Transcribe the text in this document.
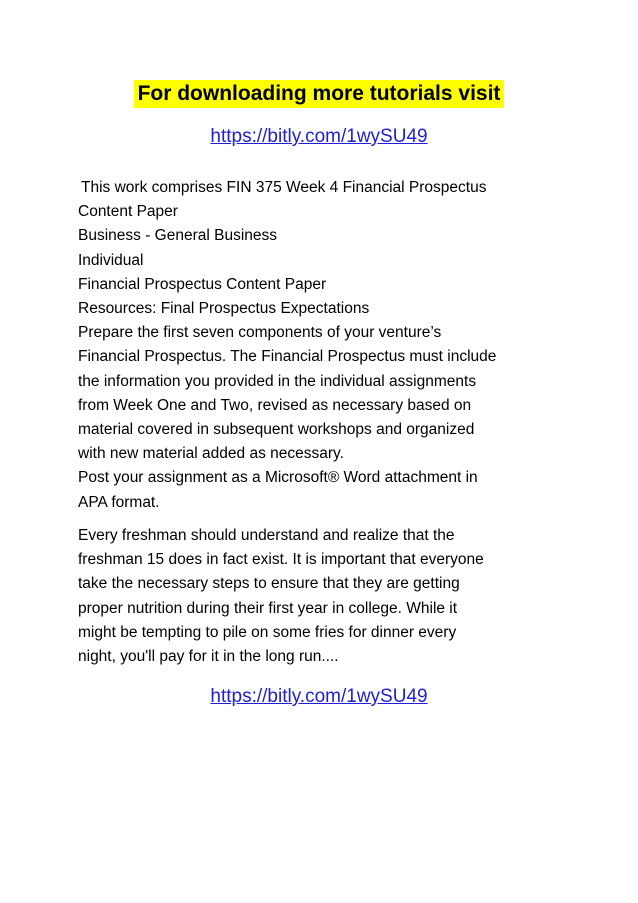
For downloading more tutorials visit
https://bitly.com/1wySU49
This work comprises FIN 375 Week 4 Financial Prospectus
Content Paper
Business - General Business
Individual
Financial Prospectus Content Paper
Resources: Final Prospectus Expectations
Prepare the first seven components of your venture’s
Financial Prospectus. The Financial Prospectus must include
the information you provided in the individual assignments
from Week One and Two, revised as necessary based on
material covered in subsequent workshops and organized
with new material added as necessary.
Post your assignment as a Microsoft® Word attachment in
APA format.
Every freshman should understand and realize that the
freshman 15 does in fact exist. It is important that everyone
take the necessary steps to ensure that they are getting
proper nutrition during their first year in college. While it
might be tempting to pile on some fries for dinner every
night, you'll pay for it in the long run....
https://bitly.com/1wySU49
